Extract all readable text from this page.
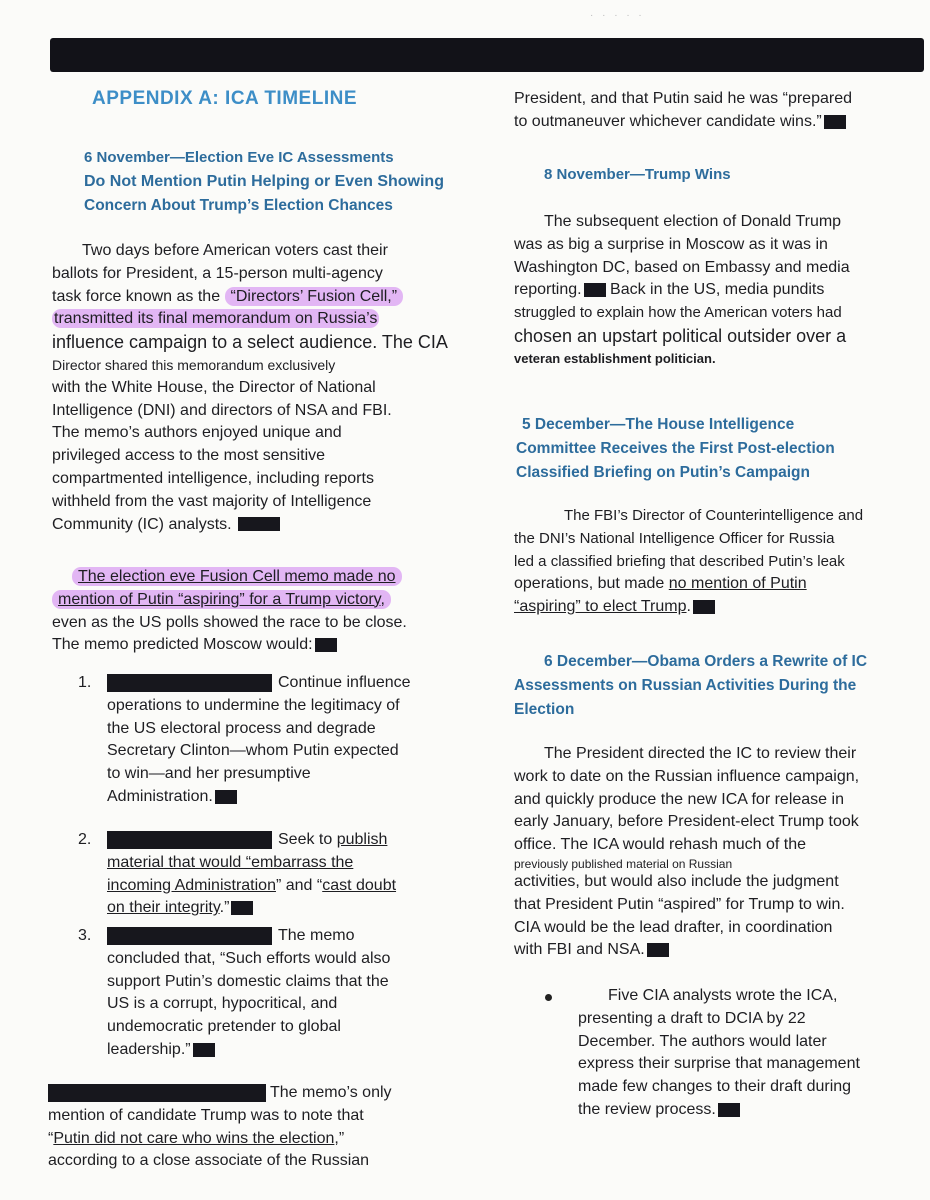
· · · · ·
APPENDIX A: ICA TIMELINE
6 November—Election Eve IC Assessments
Do Not Mention Putin Helping or Even Showing
Concern About Trump’s Election Chances
Two days before American voters cast their
ballots for President, a 15-person multi-agency
task force known as the “Directors’ Fusion Cell,”
transmitted its final memorandum on Russia’s
influence campaign to a select audience. The CIA
Director shared this memorandum exclusively
with the White House, the Director of National
Intelligence (DNI) and directors of NSA and FBI.
The memo’s authors enjoyed unique and
privileged access to the most sensitive
compartmented intelligence, including reports
withheld from the vast majority of Intelligence
Community (IC) analysts.
The election eve Fusion Cell memo made no
mention of Putin “aspiring” for a Trump victory,
even as the US polls showed the race to be close.
The memo predicted Moscow would:
1.	Continue influence
operations to undermine the legitimacy of
the US electoral process and degrade
Secretary Clinton—whom Putin expected
to win—and her presumptive
Administration.
2.	Seek to publish
material that would “embarrass the
incoming Administration” and “cast doubt
on their integrity.”
3.	The memo
concluded that, “Such efforts would also
support Putin’s domestic claims that the
US is a corrupt, hypocritical, and
undemocratic pretender to global
leadership.”
The memo’s only
mention of candidate Trump was to note that
“Putin did not care who wins the election,”
according to a close associate of the Russian
President, and that Putin said he was “prepared
to outmaneuver whichever candidate wins.”
8 November—Trump Wins
The subsequent election of Donald Trump
was as big a surprise in Moscow as it was in
Washington DC, based on Embassy and media
reporting. Back in the US, media pundits
struggled to explain how the American voters had
chosen an upstart political outsider over a
veteran establishment politician.
5 December—The House Intelligence
Committee Receives the First Post-election
Classified Briefing on Putin’s Campaign
The FBI’s Director of Counterintelligence and
the DNI’s National Intelligence Officer for Russia
led a classified briefing that described Putin’s leak
operations, but made no mention of Putin
“aspiring” to elect Trump.
6 December—Obama Orders a Rewrite of IC
Assessments on Russian Activities During the
Election
The President directed the IC to review their
work to date on the Russian influence campaign,
and quickly produce the new ICA for release in
early January, before President-elect Trump took
office. The ICA would rehash much of the
previously published material on Russian
activities, but would also include the judgment
that President Putin “aspired” for Trump to win.
CIA would be the lead drafter, in coordination
with FBI and NSA.
Five CIA analysts wrote the ICA,
presenting a draft to DCIA by 22
December. The authors would later
express their surprise that management
made few changes to their draft during
the review process.
